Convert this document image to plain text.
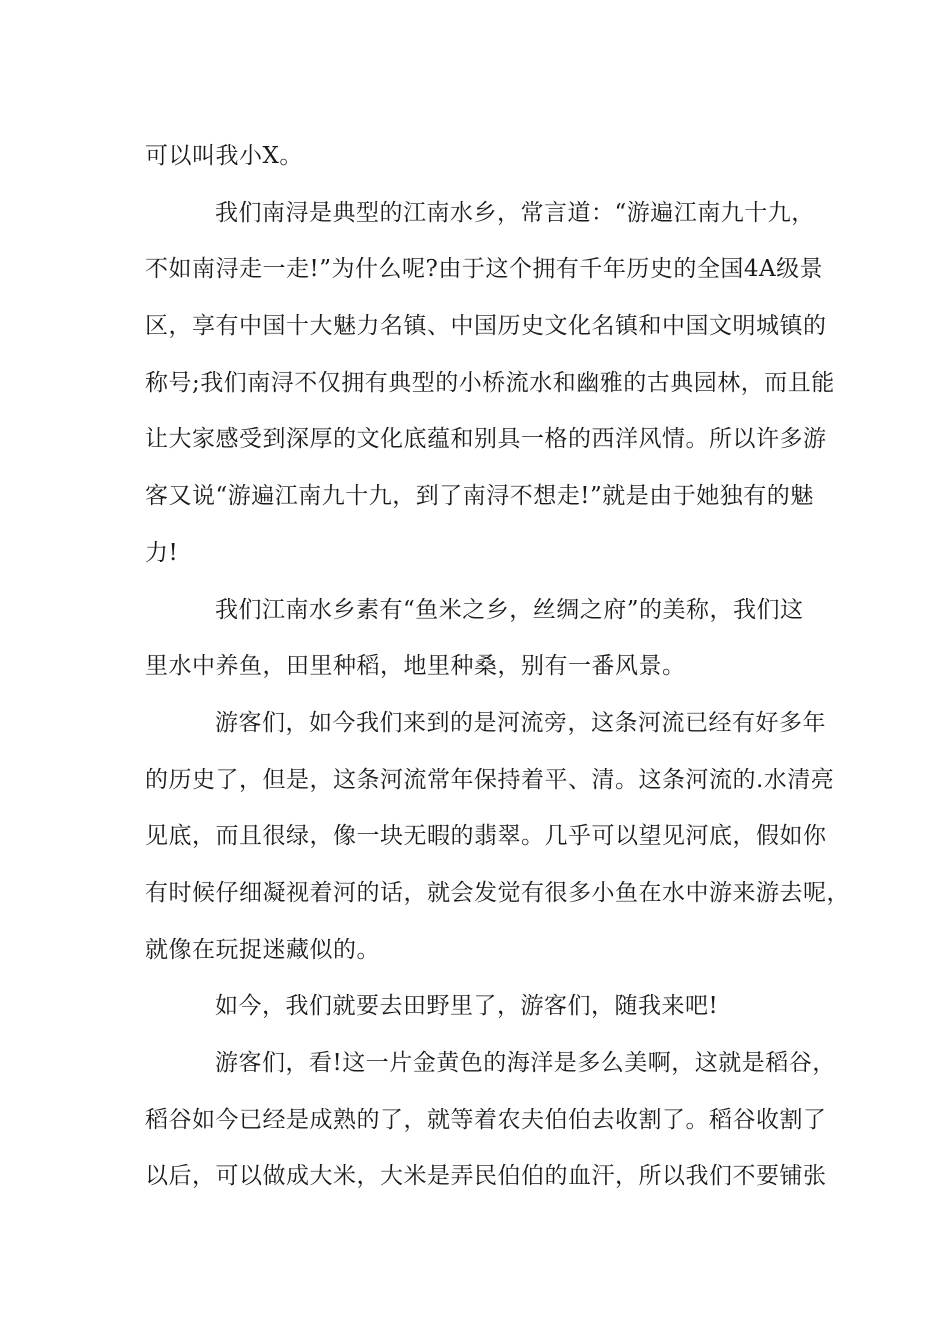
可以叫我小X。
我们南浔是典型的江南水乡，常言道：“游遍江南九十九，
不如南浔走一走!”为什么呢?由于这个拥有千年历史的全国4A级景
区，享有中国十大魅力名镇、中国历史文化名镇和中国文明城镇的
称号;我们南浔不仅拥有典型的小桥流水和幽雅的古典园林，而且能
让大家感受到深厚的文化底蕴和别具一格的西洋风情。所以许多游
客又说“游遍江南九十九，到了南浔不想走!”就是由于她独有的魅
力!
我们江南水乡素有“鱼米之乡，丝绸之府”的美称，我们这
里水中养鱼，田里种稻，地里种桑，别有一番风景。
游客们，如今我们来到的是河流旁，这条河流已经有好多年
的历史了，但是，这条河流常年保持着平、清。这条河流的.水清亮
见底，而且很绿，像一块无暇的翡翠。几乎可以望见河底，假如你
有时候仔细凝视着河的话，就会发觉有很多小鱼在水中游来游去呢，
就像在玩捉迷藏似的。
如今，我们就要去田野里了，游客们，随我来吧!
游客们，看!这一片金黄色的海洋是多么美啊，这就是稻谷，
稻谷如今已经是成熟的了，就等着农夫伯伯去收割了。稻谷收割了
以后，可以做成大米，大米是弄民伯伯的血汗，所以我们不要铺张
